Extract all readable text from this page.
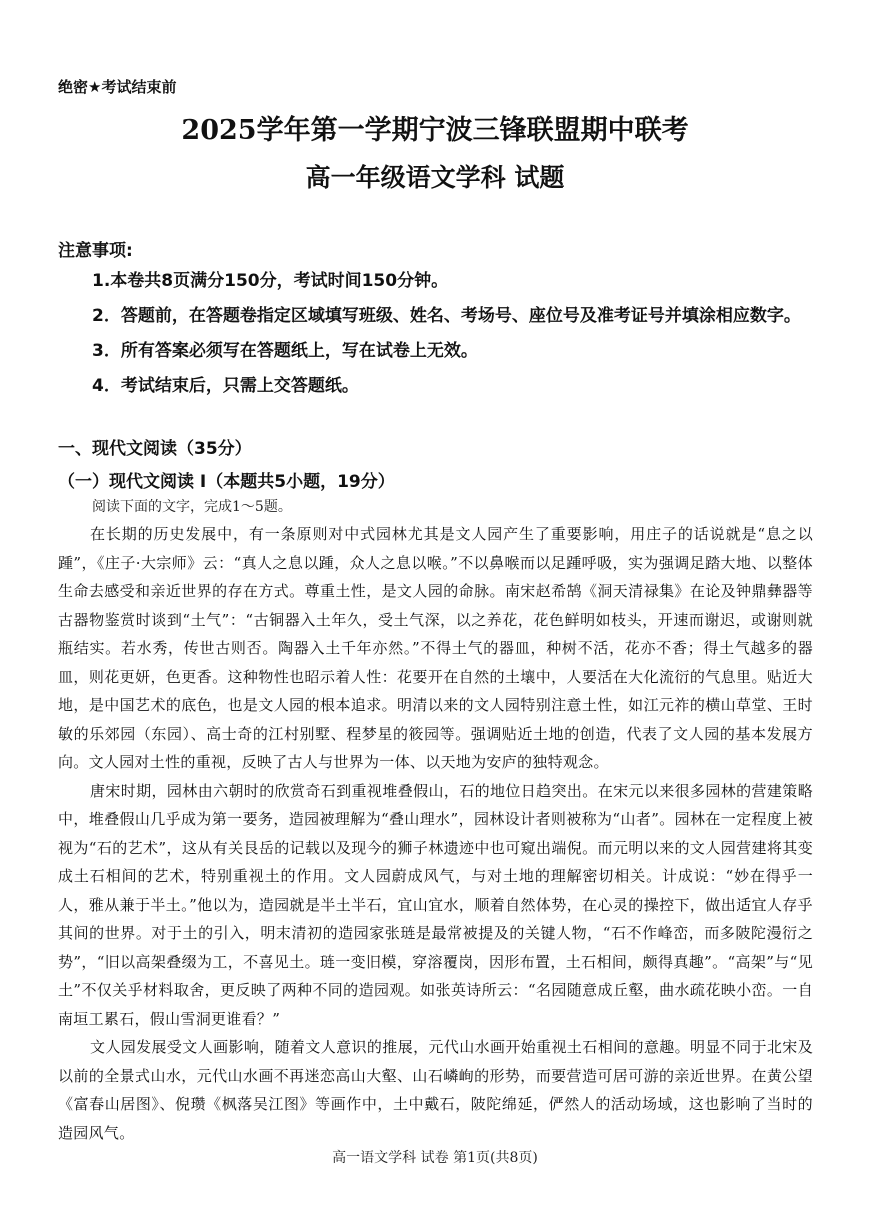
绝密★考试结束前
2025学年第一学期宁波三锋联盟期中联考
高一年级语文学科 试题
注意事项:

1.本卷共8页满分150分，考试时间150分钟。

2．答题前，在答题卷指定区域填写班级、姓名、考场号、座位号及准考证号并填涂相应数字。

3．所有答案必须写在答题纸上，写在试卷上无效。

4．考试结束后，只需上交答题纸。

一、现代文阅读（35分）
（一）现代文阅读 I（本题共5小题，19分）
阅读下面的文字，完成1～5题。

在长期的历史发展中，有一条原则对中式园林尤其是文人园产生了重要影响，用庄子的话说就是“息之以踵”，《庄子·大宗师》云：“真人之息以踵，众人之息以喉。”不以鼻喉而以足踵呼吸，实为强调足踏大地、以整体生命去感受和亲近世界的存在方式。尊重土性，是文人园的命脉。南宋赵希鹄《洞天清禄集》在论及钟鼎彝器等古器物鉴赏时谈到“土气”：“古铜器入土年久，受土气深，以之养花，花色鲜明如枝头，开速而谢迟，或谢则就瓶结实。若水秀，传世古则否。陶器入土千年亦然。”不得土气的器皿，种树不活，花亦不香；得土气越多的器皿，则花更妍，色更香。这种物性也昭示着人性：花要开在自然的土壤中，人要活在大化流衍的气息里。贴近大地，是中国艺术的底色，也是文人园的根本追求。明清以来的文人园特别注意土性，如江元祚的横山草堂、王时敏的乐郊园（东园）、高士奇的江村别墅、程梦星的筱园等。强调贴近土地的创造，代表了文人园的基本发展方向。文人园对土性的重视，反映了古人与世界为一体、以天地为安庐的独特观念。

唐宋时期，园林由六朝时的欣赏奇石到重视堆叠假山，石的地位日趋突出。在宋元以来很多园林的营建策略中，堆叠假山几乎成为第一要务，造园被理解为“叠山理水”，园林设计者则被称为“山者”。园林在一定程度上被视为“石的艺术”，这从有关艮岳的记载以及现今的狮子林遗迹中也可窥出端倪。而元明以来的文人园营建将其变成土石相间的艺术，特别重视土的作用。文人园蔚成风气，与对土地的理解密切相关。计成说：“妙在得乎一人，雅从兼于半土。”他以为，造园就是半土半石，宜山宜水，顺着自然体势，在心灵的操控下，做出适宜人存乎其间的世界。对于土的引入，明末清初的造园家张琏是最常被提及的关键人物，“石不作峰峦，而多陂陀漫衍之势”，“旧以高架叠缀为工，不喜见土。琏一变旧模，穿溶覆岗，因形布置，土石相间，颇得真趣”。“高架”与“见土”不仅关乎材料取舍，更反映了两种不同的造园观。如张英诗所云：“名园随意成丘壑，曲水疏花映小峦。一自南垣工累石，假山雪洞更谁看？”

文人园发展受文人画影响，随着文人意识的推展，元代山水画开始重视土石相间的意趣。明显不同于北宋及以前的全景式山水，元代山水画不再迷恋高山大壑、山石嶙峋的形势，而要营造可居可游的亲近世界。在黄公望《富春山居图》、倪瓒《枫落吴江图》等画作中，土中戴石，陂陀绵延，俨然人的活动场域，这也影响了当时的造园风气。

高一语文学科 试卷 第1页(共8页)
